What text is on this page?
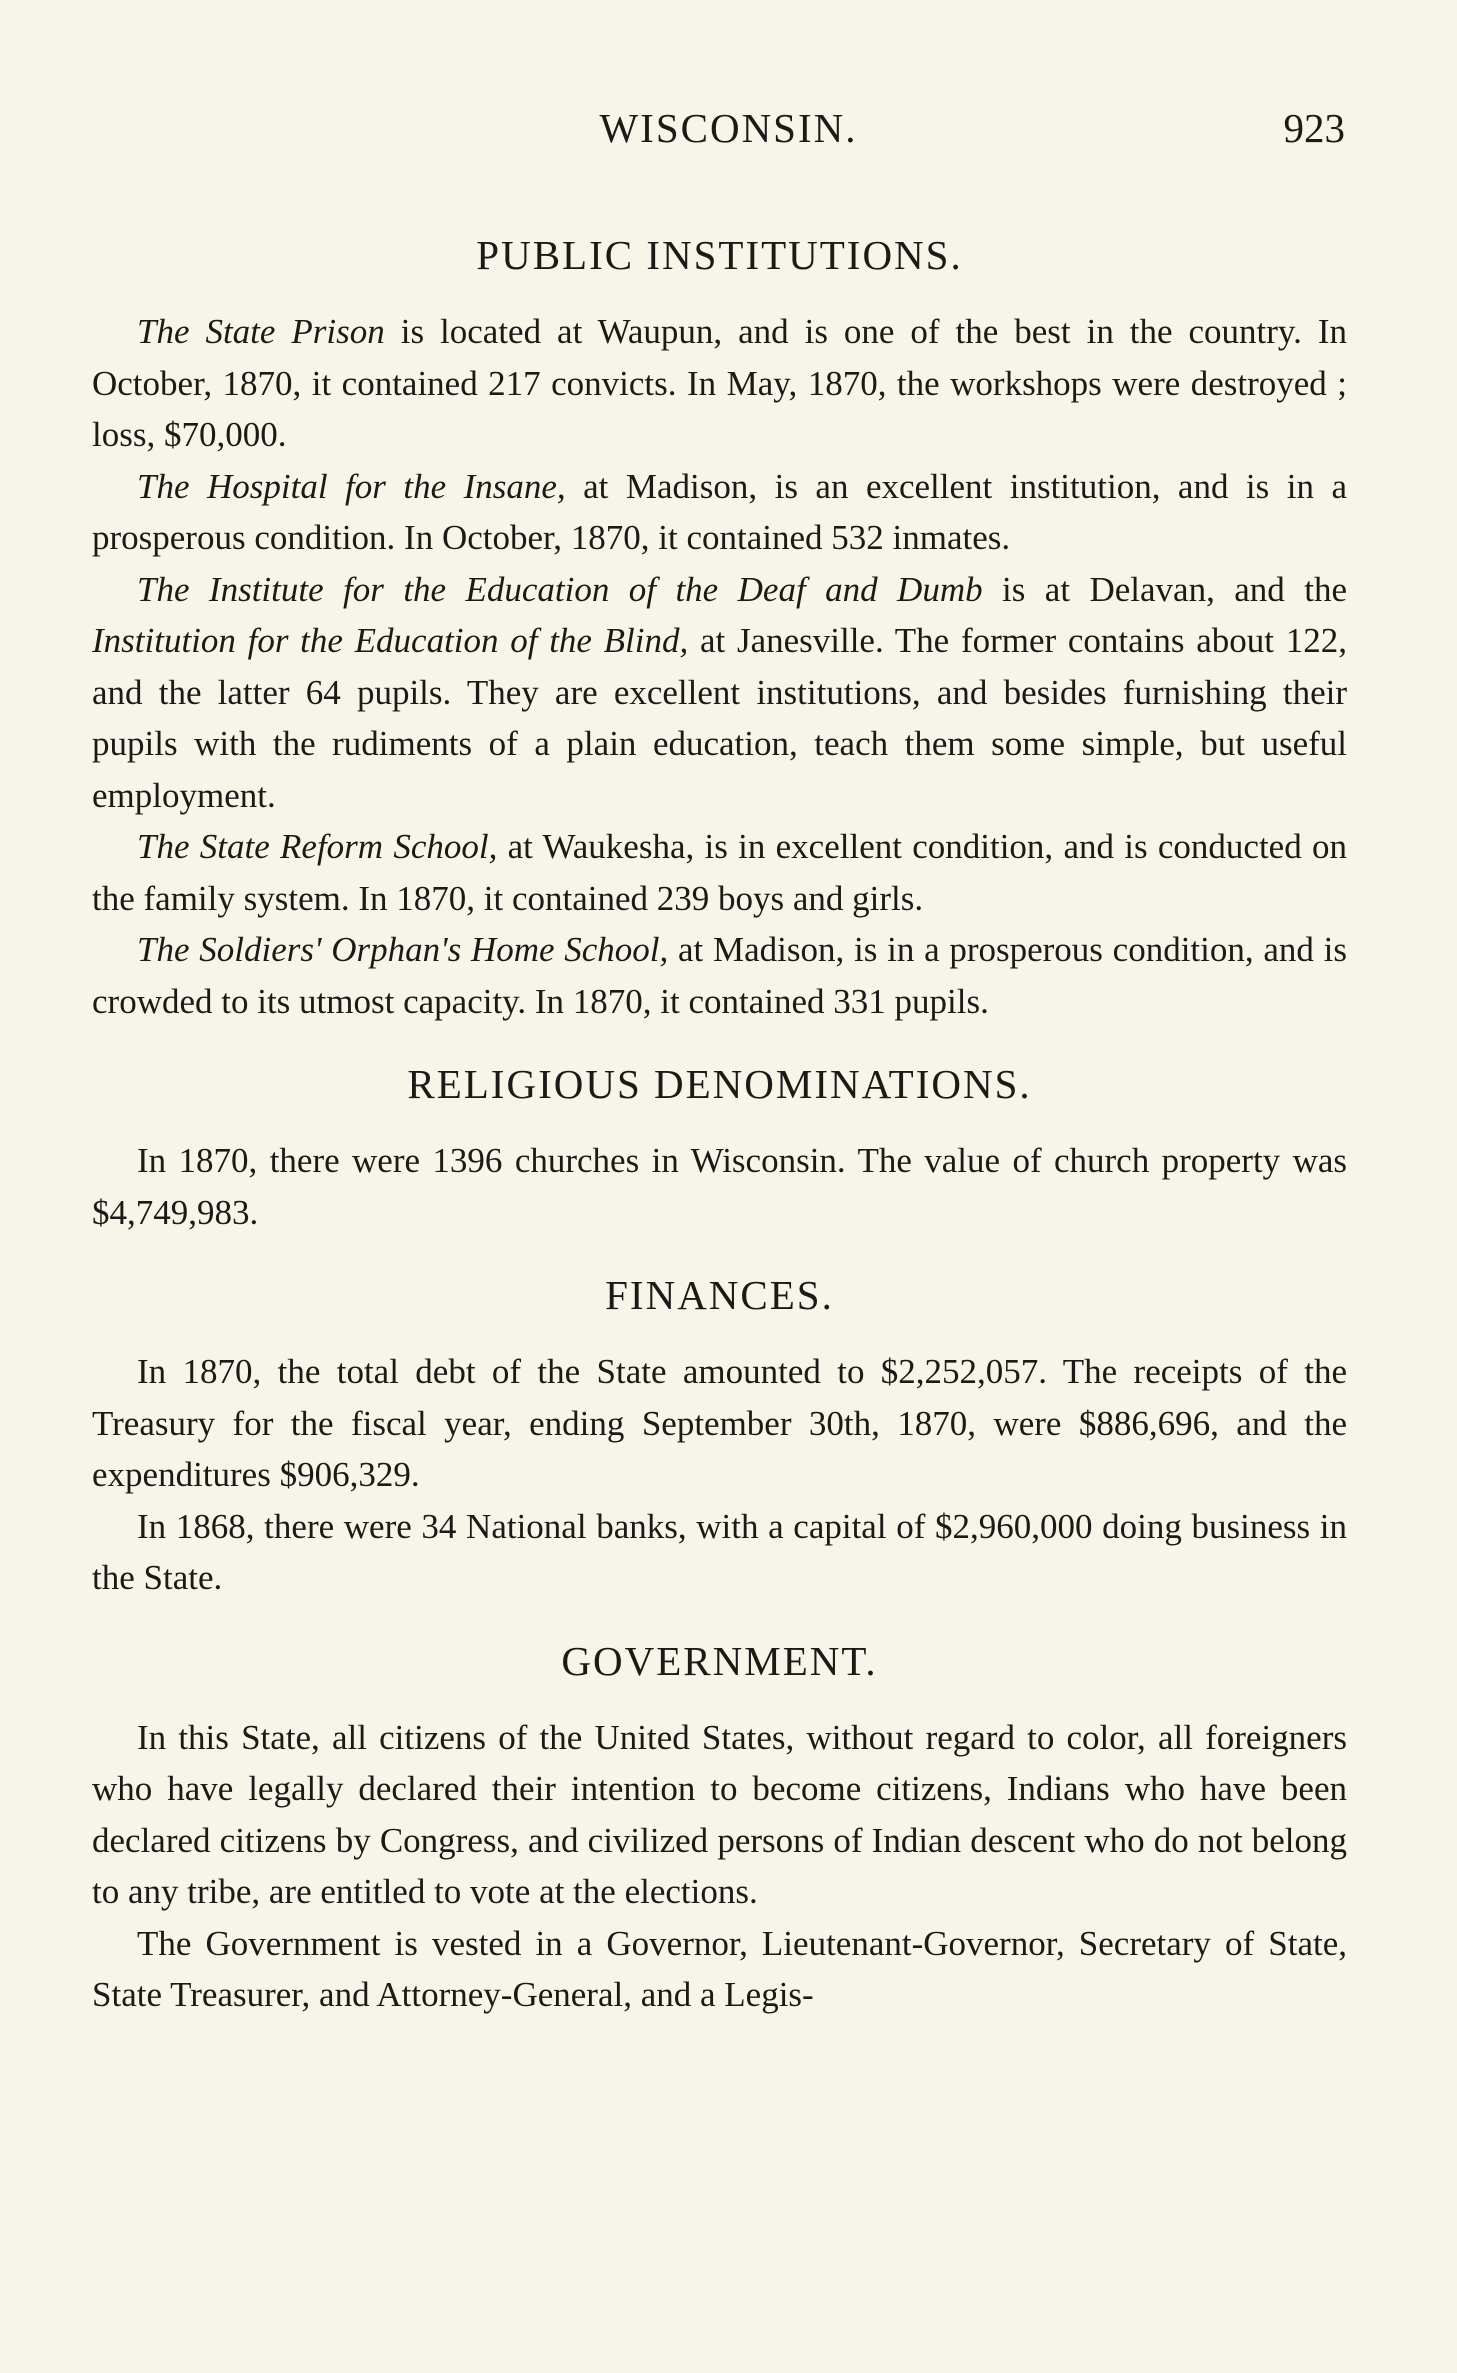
WISCONSIN.	923
PUBLIC INSTITUTIONS.

The State Prison is located at Waupun, and is one of the best in the country. In October, 1870, it contained 217 convicts. In May, 1870, the workshops were destroyed ; loss, $70,000.

The Hospital for the Insane, at Madison, is an excellent institution, and is in a prosperous condition. In October, 1870, it contained 532 inmates.

The Institute for the Education of the Deaf and Dumb is at Delavan, and the Institution for the Education of the Blind, at Janesville. The former contains about 122, and the latter 64 pupils. They are excellent institutions, and besides furnishing their pupils with the rudiments of a plain education, teach them some simple, but useful employment.

The State Reform School, at Waukesha, is in excellent condition, and is conducted on the family system. In 1870, it contained 239 boys and girls.

The Soldiers' Orphan's Home School, at Madison, is in a prosperous condition, and is crowded to its utmost capacity. In 1870, it contained 331 pupils.

RELIGIOUS DENOMINATIONS.

In 1870, there were 1396 churches in Wisconsin. The value of church property was $4,749,983.

FINANCES.

In 1870, the total debt of the State amounted to $2,252,057. The receipts of the Treasury for the fiscal year, ending September 30th, 1870, were $886,696, and the expenditures $906,329.

In 1868, there were 34 National banks, with a capital of $2,960,000 doing business in the State.

GOVERNMENT.

In this State, all citizens of the United States, without regard to color, all foreigners who have legally declared their intention to become citizens, Indians who have been declared citizens by Congress, and civilized persons of Indian descent who do not belong to any tribe, are entitled to vote at the elections.

The Government is vested in a Governor, Lieutenant-Governor, Secretary of State, State Treasurer, and Attorney-General, and a Legis-
